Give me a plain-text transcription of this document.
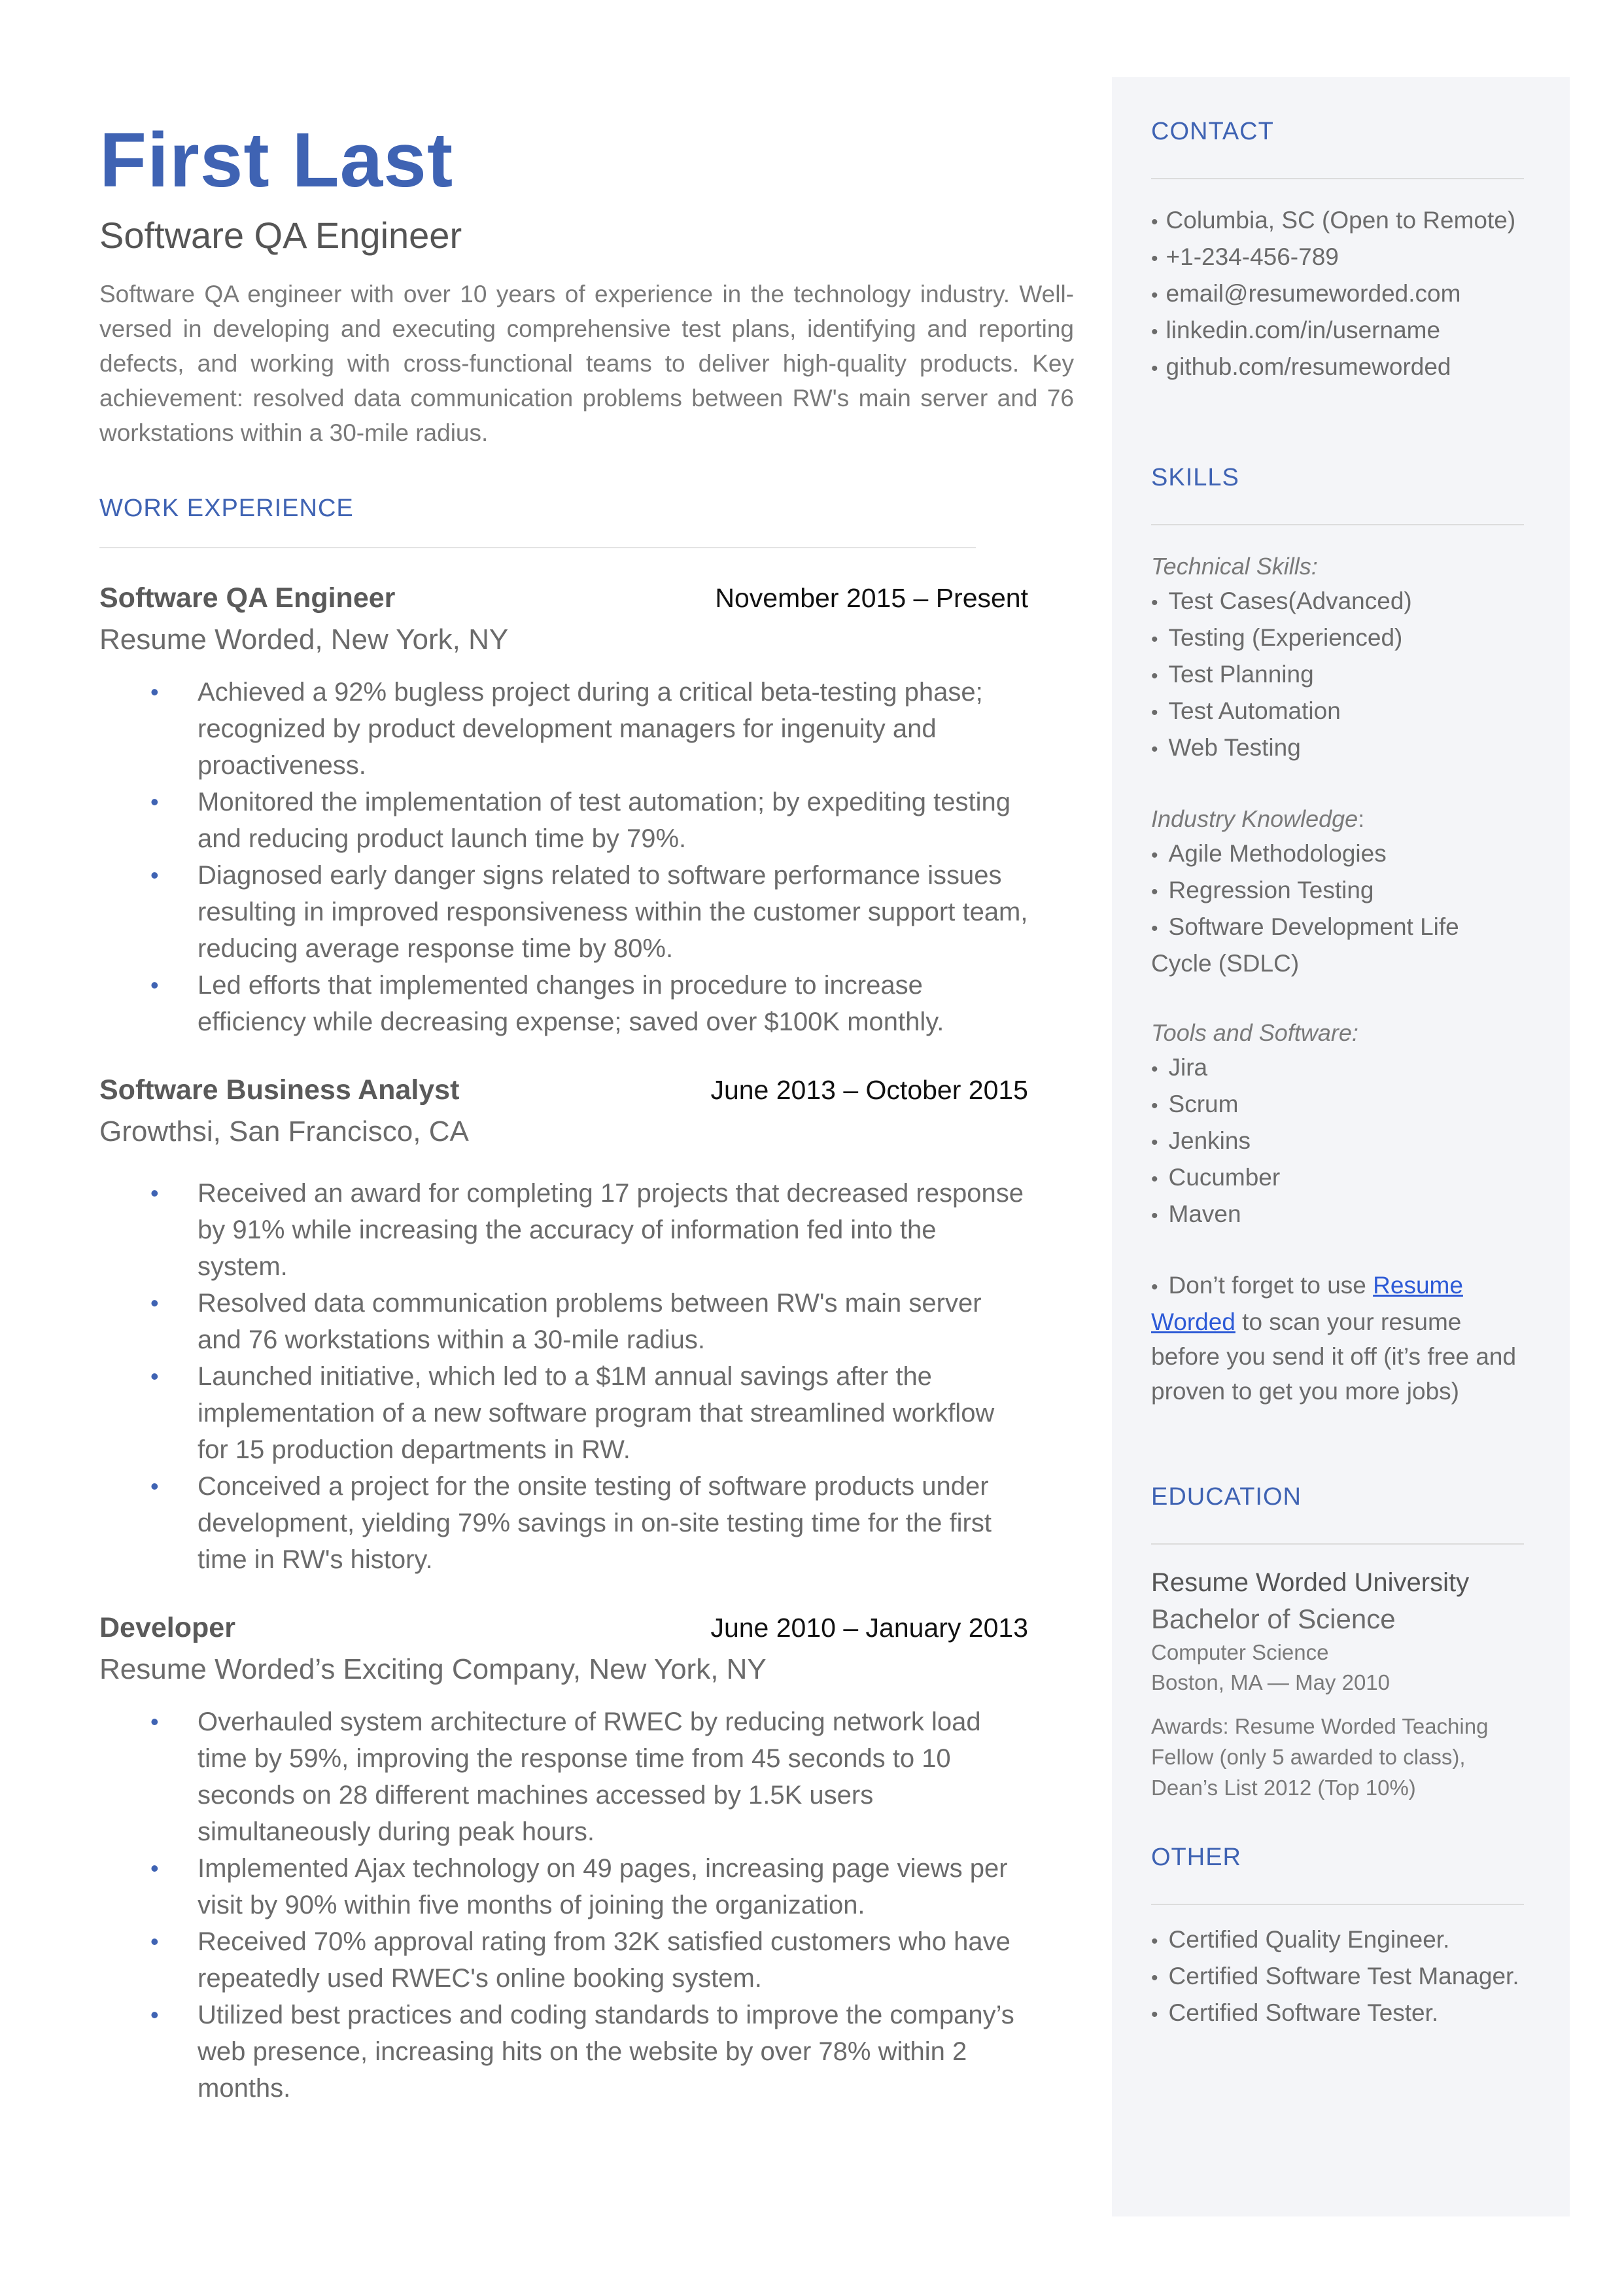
First Last
Software QA Engineer
Software QA engineer with over 10 years of experience in the technology industry. Well-versed in developing and executing comprehensive test plans, identifying and reporting defects, and working with cross-functional teams to deliver high-quality products. Key achievement: resolved data communication problems between RW's main server and 76 workstations within a 30-mile radius.
WORK EXPERIENCE
Software QA Engineer	November 2015 – Present
Resume Worded, New York, NY
• Achieved a 92% bugless project during a critical beta-testing phase; recognized by product development managers for ingenuity and proactiveness.
• Monitored the implementation of test automation; by expediting testing and reducing product launch time by 79%.
• Diagnosed early danger signs related to software performance issues resulting in improved responsiveness within the customer support team, reducing average response time by 80%.
• Led efforts that implemented changes in procedure to increase efficiency while decreasing expense; saved over $100K monthly.
Software Business Analyst	June 2013 – October 2015
Growthsi, San Francisco, CA
• Received an award for completing 17 projects that decreased response by 91% while increasing the accuracy of information fed into the system.
• Resolved data communication problems between RW's main server and 76 workstations within a 30-mile radius.
• Launched initiative, which led to a $1M annual savings after the implementation of a new software program that streamlined workflow for 15 production departments in RW.
• Conceived a project for the onsite testing of software products under development, yielding 79% savings in on-site testing time for the first time in RW's history.
Developer	June 2010 – January 2013
Resume Worded’s Exciting Company, New York, NY
• Overhauled system architecture of RWEC by reducing network load time by 59%, improving the response time from 45 seconds to 10 seconds on 28 different machines accessed by 1.5K users simultaneously during peak hours.
• Implemented Ajax technology on 49 pages, increasing page views per visit by 90% within five months of joining the organization.
• Received 70% approval rating from 32K satisfied customers who have repeatedly used RWEC's online booking system.
• Utilized best practices and coding standards to improve the company’s web presence, increasing hits on the website by over 78% within 2 months.
CONTACT
• Columbia, SC (Open to Remote)
• +1-234-456-789
• email@resumeworded.com
• linkedin.com/in/username
• github.com/resumeworded
SKILLS
Technical Skills:
• Test Cases(Advanced)
• Testing (Experienced)
• Test Planning
• Test Automation
• Web Testing
Industry Knowledge:
• Agile Methodologies
• Regression Testing
• Software Development Life Cycle (SDLC)
Tools and Software:
• Jira
• Scrum
• Jenkins
• Cucumber
• Maven
• Don’t forget to use Resume Worded to scan your resume before you send it off (it’s free and proven to get you more jobs)
EDUCATION
Resume Worded University
Bachelor of Science
Computer Science
Boston, MA — May 2010
Awards: Resume Worded Teaching Fellow (only 5 awarded to class), Dean’s List 2012 (Top 10%)
OTHER
• Certified Quality Engineer.
• Certified Software Test Manager.
• Certified Software Tester.
